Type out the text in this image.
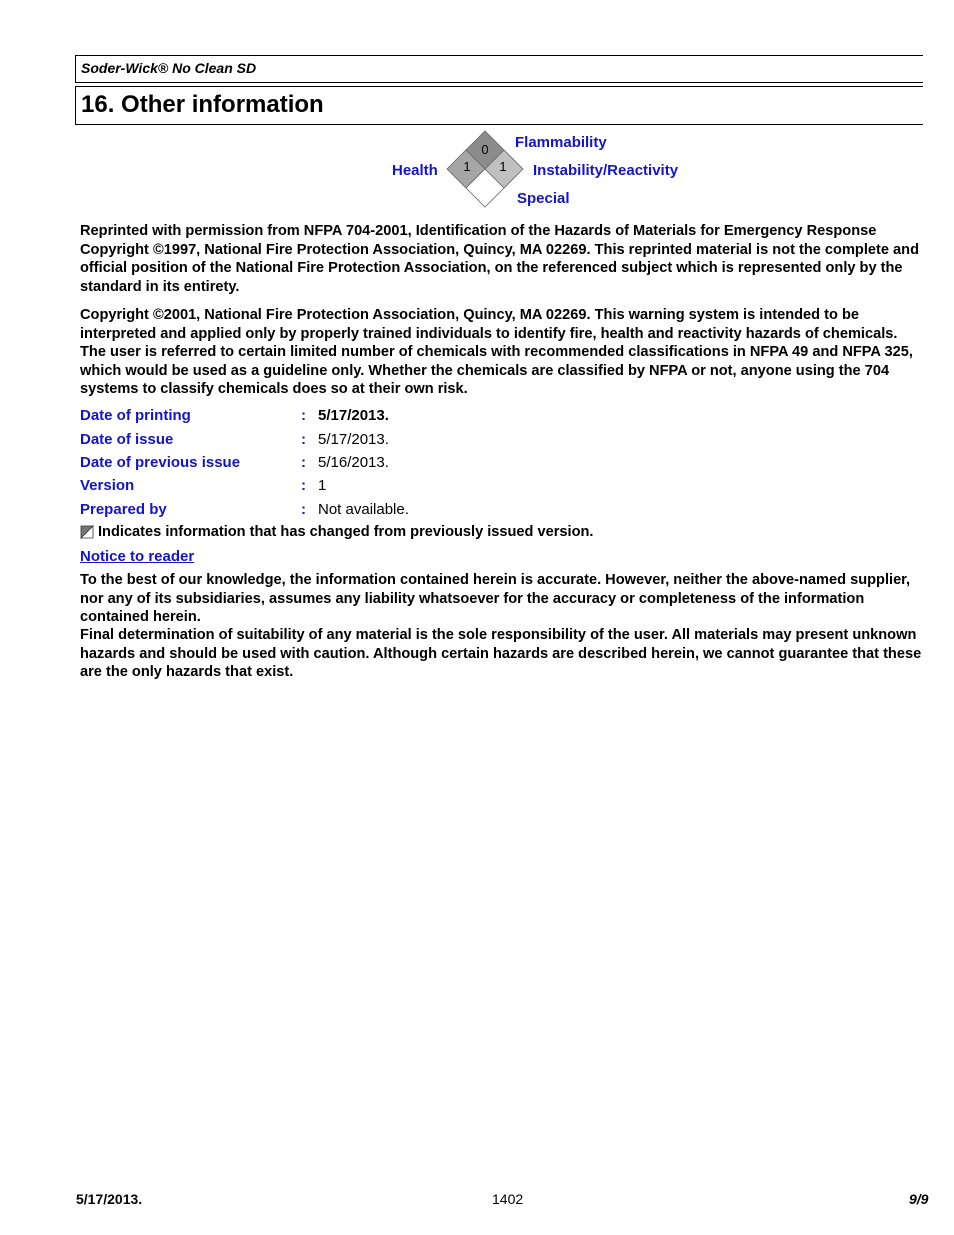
Soder-Wick® No Clean SD
16. Other information
0
1 1
Flammability
Health	Instability/Reactivity
Special
Reprinted with permission from NFPA 704-2001, Identification of the Hazards of Materials for Emergency Response Copyright ©1997, National Fire Protection Association, Quincy, MA 02269. This reprinted material is not the complete and official position of the National Fire Protection Association, on the referenced subject which is represented only by the standard in its entirety.
Copyright ©2001, National Fire Protection Association, Quincy, MA 02269. This warning system is intended to be interpreted and applied only by properly trained individuals to identify fire, health and reactivity hazards of chemicals. The user is referred to certain limited number of chemicals with recommended classifications in NFPA 49 and NFPA 325, which would be used as a guideline only. Whether the chemicals are classified by NFPA or not, anyone using the 704 systems to classify chemicals does so at their own risk.
Date of printing	: 5/17/2013.
Date of issue	: 5/17/2013.
Date of previous issue	: 5/16/2013.
Version	: 1
Prepared by	: Not available.
Indicates information that has changed from previously issued version.
Notice to reader
To the best of our knowledge, the information contained herein is accurate. However, neither the above-named supplier, nor any of its subsidiaries, assumes any liability whatsoever for the accuracy or completeness of the information contained herein.
Final determination of suitability of any material is the sole responsibility of the user. All materials may present unknown hazards and should be used with caution. Although certain hazards are described herein, we cannot guarantee that these are the only hazards that exist.
5/17/2013.	1402	9/9
